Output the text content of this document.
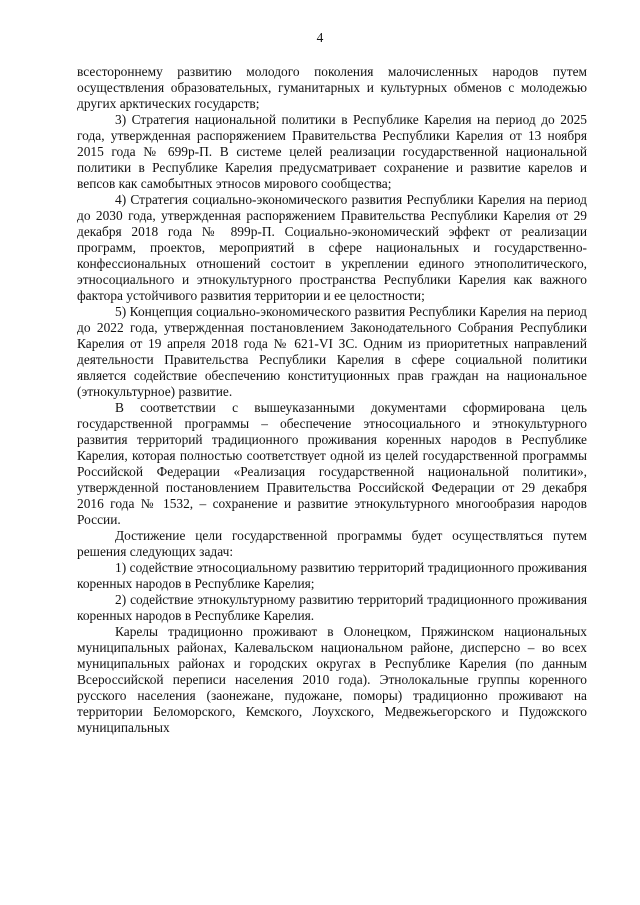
4

всестороннему развитию молодого поколения малочисленных народов путем осуществления образовательных, гуманитарных и культурных обменов с молодежью других арктических государств;

3) Стратегия национальной политики в Республике Карелия на период до 2025 года, утвержденная распоряжением Правительства Республики Карелия от 13 ноября 2015 года № 699р-П. В системе целей реализации государственной национальной политики в Республике Карелия предусматривает сохранение и развитие карелов и вепсов как самобытных этносов мирового сообщества;

4) Стратегия социально-экономического развития Республики Карелия на период до 2030 года, утвержденная распоряжением Правительства Республики Карелия от 29 декабря 2018 года № 899р-П. Социально-экономический эффект от реализации программ, проектов, мероприятий в сфере национальных и государственно-конфессиональных отношений состоит в укреплении единого этнополитического, этносоциального и этнокультурного пространства Республики Карелия как важного фактора устойчивого развития территории и ее целостности;

5) Концепция социально-экономического развития Республики Карелия на период до 2022 года, утвержденная постановлением Законодательного Собрания Республики Карелия от 19 апреля 2018 года № 621-VI ЗС. Одним из приоритетных направлений деятельности Правительства Республики Карелия в сфере социальной политики является содействие обеспечению конституционных прав граждан на национальное (этнокультурное) развитие.

В соответствии с вышеуказанными документами сформирована цель государственной программы – обеспечение этносоциального и этнокультурного развития территорий традиционного проживания коренных народов в Республике Карелия, которая полностью соответствует одной из целей государственной программы Российской Федерации «Реализация государственной национальной политики», утвержденной постановлением Правительства Российской Федерации от 29 декабря 2016 года № 1532, – сохранение и развитие этнокультурного многообразия народов России.

Достижение цели государственной программы будет осуществляться путем решения следующих задач:

1) содействие этносоциальному развитию территорий традиционного проживания коренных народов в Республике Карелия;

2) содействие этнокультурному развитию территорий традиционного проживания коренных народов в Республике Карелия.

Карелы традиционно проживают в Олонецком, Пряжинском национальных муниципальных районах, Калевальском национальном районе, дисперсно – во всех муниципальных районах и городских округах в Республике Карелия (по данным Всероссийской переписи населения 2010 года). Этнолокальные группы коренного русского населения (заонежане, пудожане, поморы) традиционно проживают на территории Беломорского, Кемского, Лоухского, Медвежьегорского и Пудожского муниципальных
